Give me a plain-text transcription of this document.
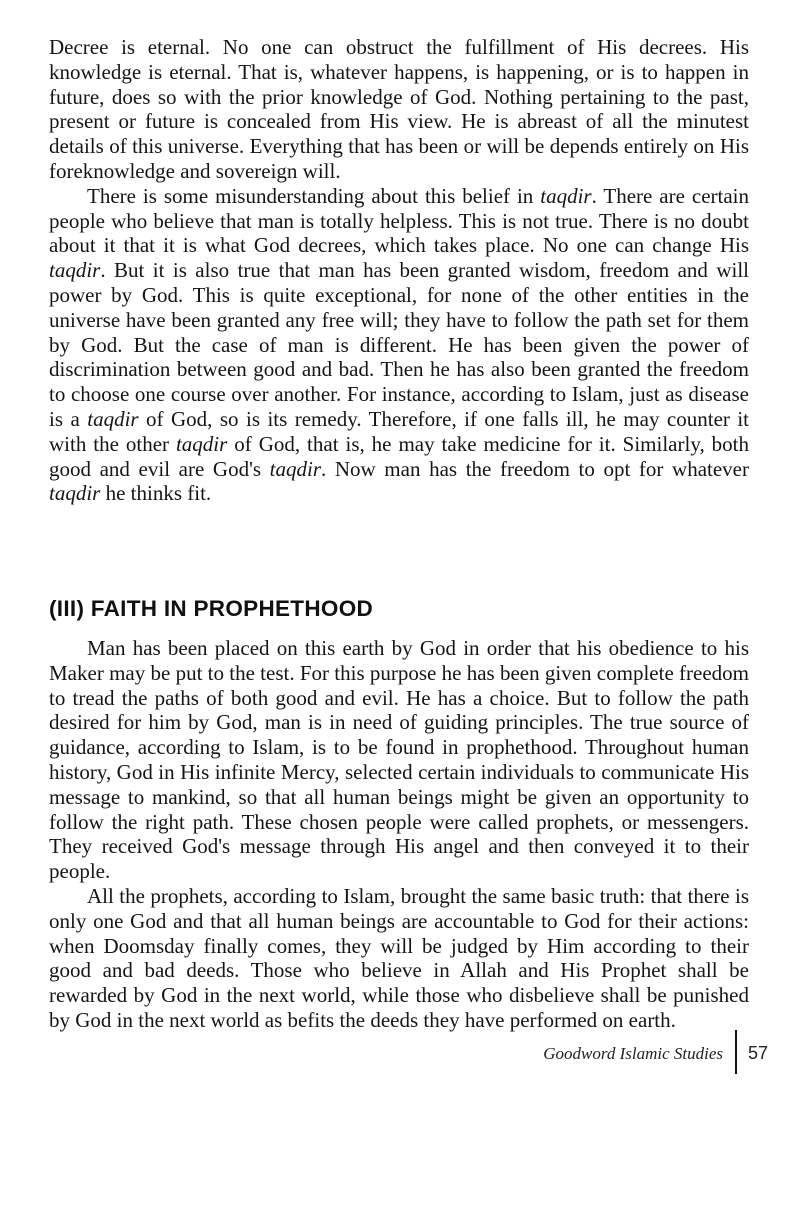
Decree is eternal. No one can obstruct the fulfillment of His decrees. His knowledge is eternal. That is, whatever happens, is happening, or is to happen in future, does so with the prior knowledge of God. Nothing pertaining to the past, present or future is concealed from His view. He is abreast of all the minutest details of this universe. Everything that has been or will be depends entirely on His foreknowledge and sovereign will.

There is some misunderstanding about this belief in taqdir. There are certain people who believe that man is totally helpless. This is not true. There is no doubt about it that it is what God decrees, which takes place. No one can change His taqdir. But it is also true that man has been granted wisdom, freedom and will power by God. This is quite exceptional, for none of the other entities in the universe have been granted any free will; they have to follow the path set for them by God. But the case of man is different. He has been given the power of discrimination between good and bad. Then he has also been granted the freedom to choose one course over another. For instance, according to Islam, just as disease is a taqdir of God, so is its remedy. Therefore, if one falls ill, he may counter it with the other taqdir of God, that is, he may take medicine for it. Similarly, both good and evil are God's taqdir. Now man has the freedom to opt for whatever taqdir he thinks fit.

(III) FAITH IN PROPHETHOOD

Man has been placed on this earth by God in order that his obedience to his Maker may be put to the test. For this purpose he has been given complete freedom to tread the paths of both good and evil. He has a choice. But to follow the path desired for him by God, man is in need of guiding principles. The true source of guidance, according to Islam, is to be found in prophethood. Throughout human history, God in His infinite Mercy, selected certain individuals to communicate His message to mankind, so that all human beings might be given an opportunity to follow the right path. These chosen people were called prophets, or messengers. They received God's message through His angel and then conveyed it to their people.

All the prophets, according to Islam, brought the same basic truth: that there is only one God and that all human beings are accountable to God for their actions: when Doomsday finally comes, they will be judged by Him according to their good and bad deeds. Those who believe in Allah and His Prophet shall be rewarded by God in the next world, while those who disbelieve shall be punished by God in the next world as befits the deeds they have performed on earth.

Goodword Islamic Studies 57
